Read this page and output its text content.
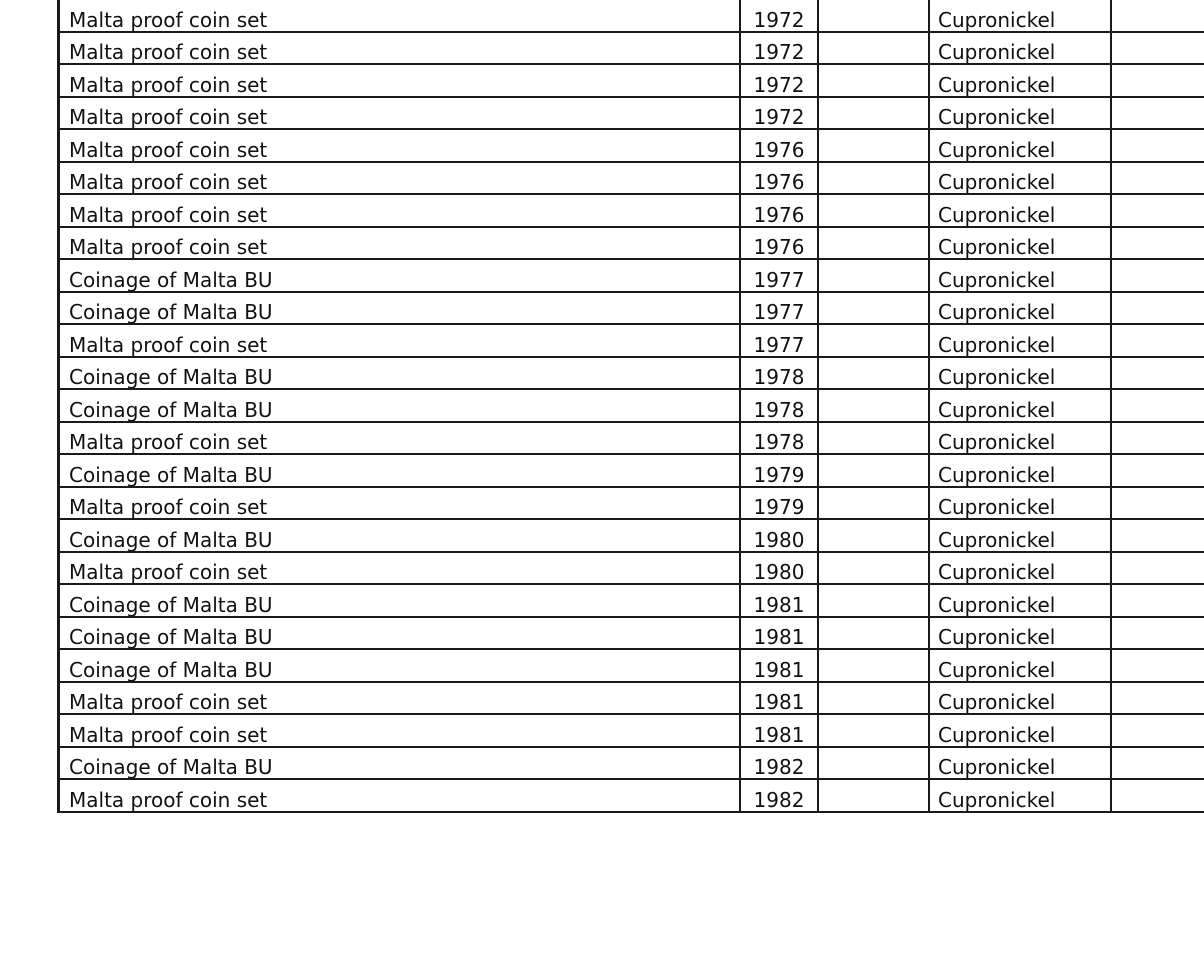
Malta proof coin set	1972		Cupronickel		
Malta proof coin set	1972		Cupronickel		
Malta proof coin set	1972		Cupronickel		
Malta proof coin set	1972		Cupronickel		
Malta proof coin set	1976		Cupronickel		
Malta proof coin set	1976		Cupronickel		
Malta proof coin set	1976		Cupronickel		
Malta proof coin set	1976		Cupronickel		
Coinage of Malta BU	1977		Cupronickel		
Coinage of Malta BU	1977		Cupronickel		
Malta proof coin set	1977		Cupronickel		
Coinage of Malta BU	1978		Cupronickel		
Coinage of Malta BU	1978		Cupronickel		
Malta proof coin set	1978		Cupronickel		
Coinage of Malta BU	1979		Cupronickel		
Malta proof coin set	1979		Cupronickel		
Coinage of Malta BU	1980		Cupronickel		
Malta proof coin set	1980		Cupronickel		
Coinage of Malta BU	1981		Cupronickel		
Coinage of Malta BU	1981		Cupronickel		
Coinage of Malta BU	1981		Cupronickel		
Malta proof coin set	1981		Cupronickel		
Malta proof coin set	1981		Cupronickel		
Coinage of Malta BU	1982		Cupronickel		
Malta proof coin set	1982		Cupronickel		
